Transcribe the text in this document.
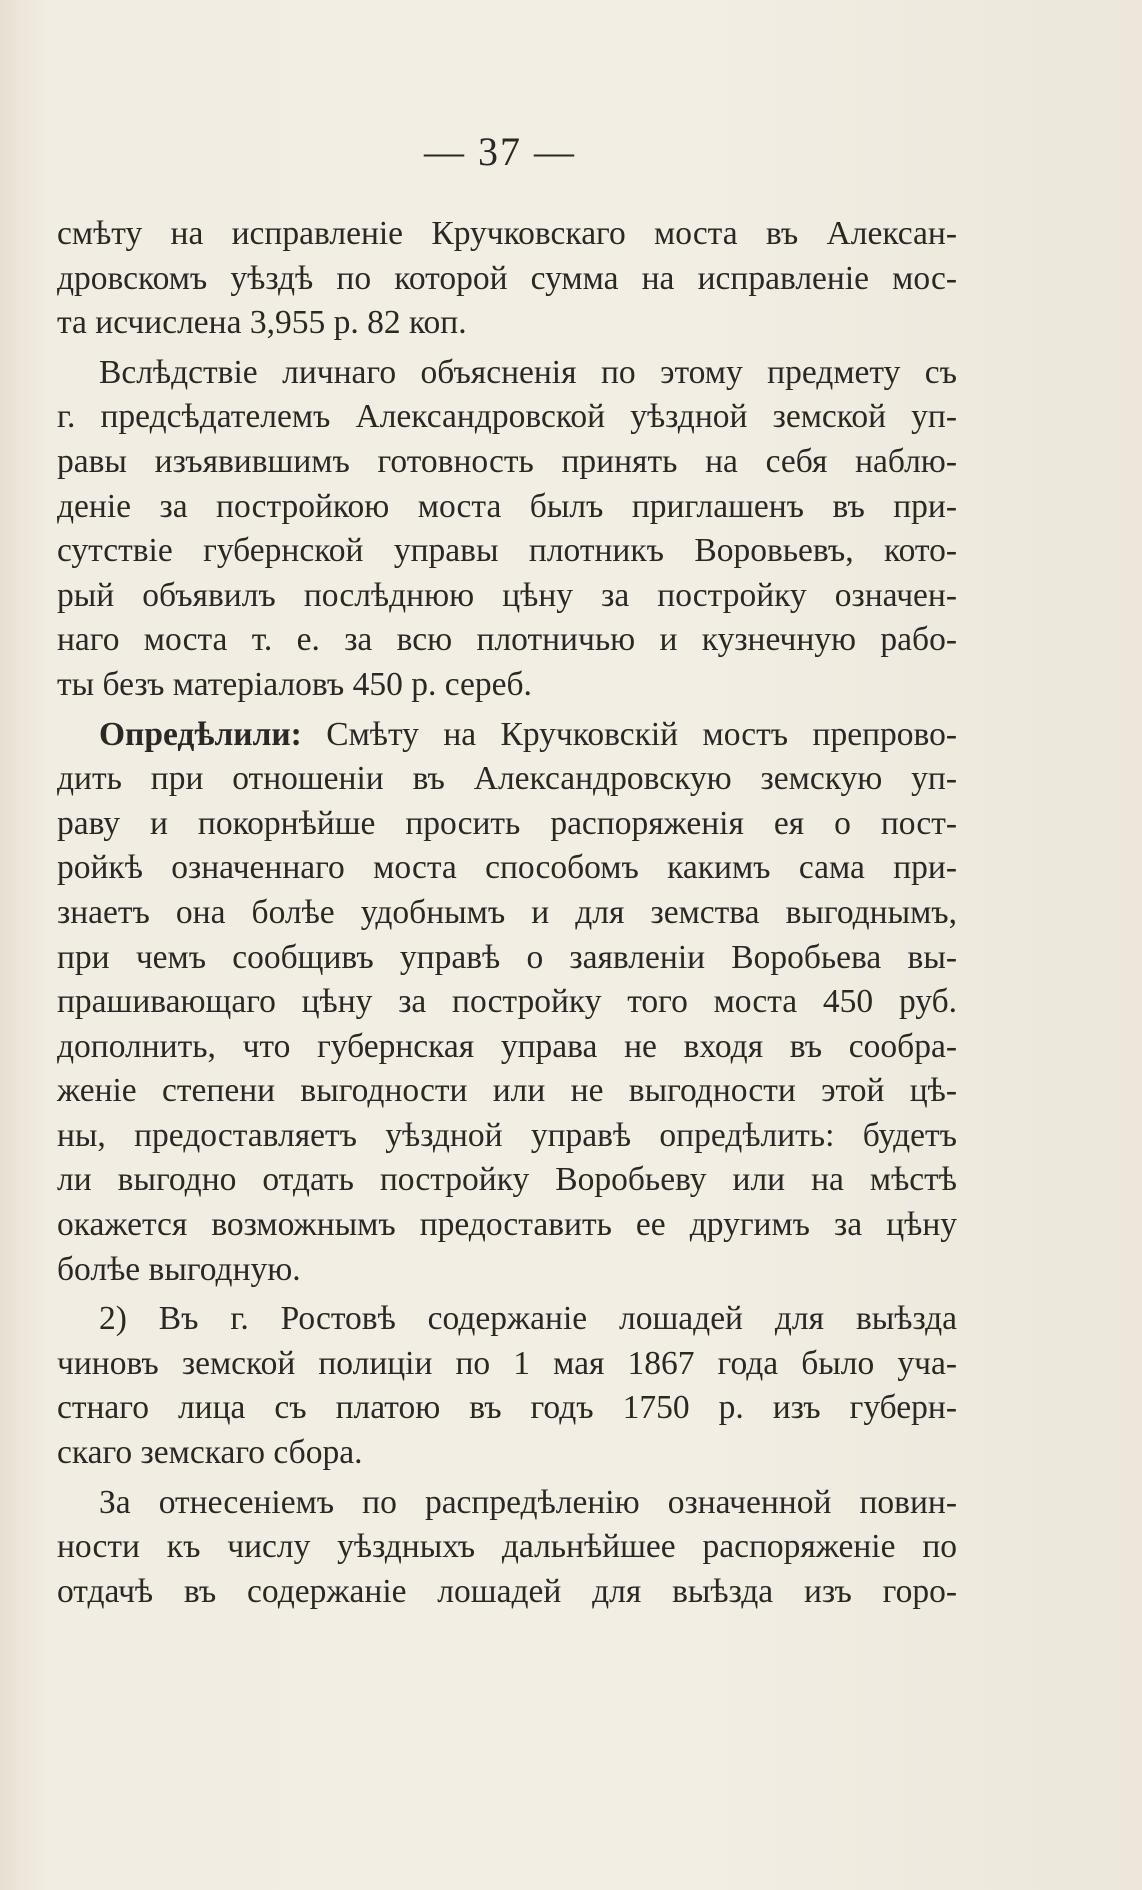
— 37 —
смѣту на исправленіе Кручковскаго моста въ Алексан-
дровскомъ уѣздѣ по которой сумма на исправленіе мос-
та исчислена 3,955 р. 82 коп.
Вслѣдствіе личнаго объясненія по этому предмету съ
г. предсѣдателемъ Александровской уѣздной земской уп-
равы изъявившимъ готовность принять на себя наблю-
деніе за постройкою моста былъ приглашенъ въ при-
сутствіе губернской управы плотникъ Воровьевъ, кото-
рый объявилъ послѣднюю цѣну за постройку означен-
наго моста т. е. за всю плотничью и кузнечную рабо-
ты безъ матеріаловъ 450 р. сереб.
Опредѣлили: Смѣту на Кручковскій мостъ препрово-
дить при отношеніи въ Александровскую земскую уп-
раву и покорнѣйше просить распоряженія ея о пост-
ройкѣ означеннаго моста способомъ какимъ сама при-
знаетъ она болѣе удобнымъ и для земства выгоднымъ,
при чемъ сообщивъ управѣ о заявленіи Воробьева вы-
прашивающаго цѣну за постройку того моста 450 руб.
дополнить, что губернская управа не входя въ сообра-
женіе степени выгодности или не выгодности этой цѣ-
ны, предоставляетъ уѣздной управѣ опредѣлить: будетъ
ли выгодно отдать постройку Воробьеву или на мѣстѣ
окажется возможнымъ предоставить ее другимъ за цѣну
болѣе выгодную.
2) Въ г. Ростовѣ содержаніе лошадей для выѣзда
чиновъ земской полиціи по 1 мая 1867 года было уча-
стнаго лица съ платою въ годъ 1750 р. изъ губерн-
скаго земскаго сбора.
За отнесеніемъ по распредѣленію означенной повин-
ности къ числу уѣздныхъ дальнѣйшее распоряженіе по
отдачѣ въ содержаніе лошадей для выѣзда изъ горо-
